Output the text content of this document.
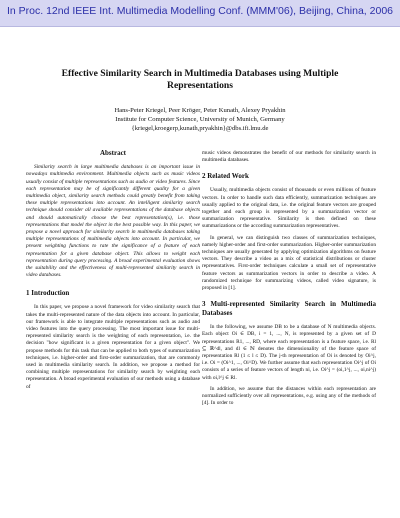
In Proc. 12nd IEEE Int. Multimedia Modelling Conf. (MMM'06), Beijing, China, 2006
Effective Similarity Search in Multimedia Databases using Multiple Representations
Hans-Peter Kriegel, Peer Kröger, Peter Kunath, Alexey Pryakhin
Institute for Computer Science, University of Munich, Germany
{kriegel,kroegerp,kunath,pryakhin}@dbs.ifi.lmu.de
Abstract
Similarity search in large multimedia databases is an important issue in nowadays multimedia environment. Multimedia objects such as music videos usually consist of multiple representations such as audio or video features. Since each representation may be of significantly different quality for a given multimedia object, similarity search methods could greatly benefit from taking these multiple representations into account. An intelligent similarity search technique should consider all available representations of the database objects and should automatically choose the best representation(s), i.e. those representations that model the object in the best possible way. In this paper, we propose a novel approach for similarity search in multimedia databases taking multiple representations of multimedia objects into account. In particular, we present weighting functions to rate the significance of a feature of each representation for a given database object. This allows to weight each representation during query processing. A broad experimental evaluation shows the suitability and the effectiveness of multi-represented similarity search in video databases.
1 Introduction
In this paper, we propose a novel framework for video similarity search that takes the multi-represented nature of the data objects into account. In particular, our framework is able to integrate multiple representations such as audio and video features into the query processing. The most important issue for multi-represented similarity search is the weighting of each representation, i.e. the decision "how significant is a given representation for a given object". We propose methods for this task that can be applied to both types of summarization techniques, i.e. higher-order and first-order summarization, that are commonly used in multimedia similarity search. In addition, we propose a method for combining multiple representations for similarity search by weighting each representation. A broad experimental evaluation of our methods using a database of
music videos demonstrates the benefit of our methods for similarity search in multimedia databases.
2 Related Work
Usually, multimedia objects consist of thousands or even millions of feature vectors. In order to handle such data efficiently, summarization techniques are usually applied to the original data, i.e. the original feature vectors are grouped together and each group is represented by a summarization vector or summarization representative. Similarity is then defined on these summarizations or the according summarization representatives.
In general, we can distinguish two classes of summarization techniques, namely higher-order and first-order summarization. Higher-order summarization techniques are usually generated by applying optimization algorithms on feature vectors. They describe a video as a mix of statistical distributions or cluster representatives. First-order techniques calculate a small set of representative feature vectors as summarization vectors in order to describe a video. A randomized technique for summarizing videos, called video signature, is proposed in [1].
3 Multi-represented Similarity Search in Multimedia Databases
In the following, we assume DB to be a database of N multimedia objects. Each object Oi ∈ DB, i = 1, ..., N, is represented by a given set of D representations R1, ..., RD, where each representation is a feature space, i.e. Rl ⊆ ℝ^dl, and dl ∈ ℕ denotes the dimensionality of the feature space of representation Rl (1 ≤ l ≤ D). The j-th representation of Oi is denoted by Oi^j, i.e. Oi = (Oi^1, ..., Oi^D). We further assume that each representation Oi^j of Oi consists of a series of feature vectors of length ni, i.e. Oi^j = (oi,1^j, ..., oi,ni^j) with oi,l^j ∈ Rl.
In addition, we assume that the distances within each representation are normalized sufficiently over all representations, e.g. using any of the methods of [4]. In order to
